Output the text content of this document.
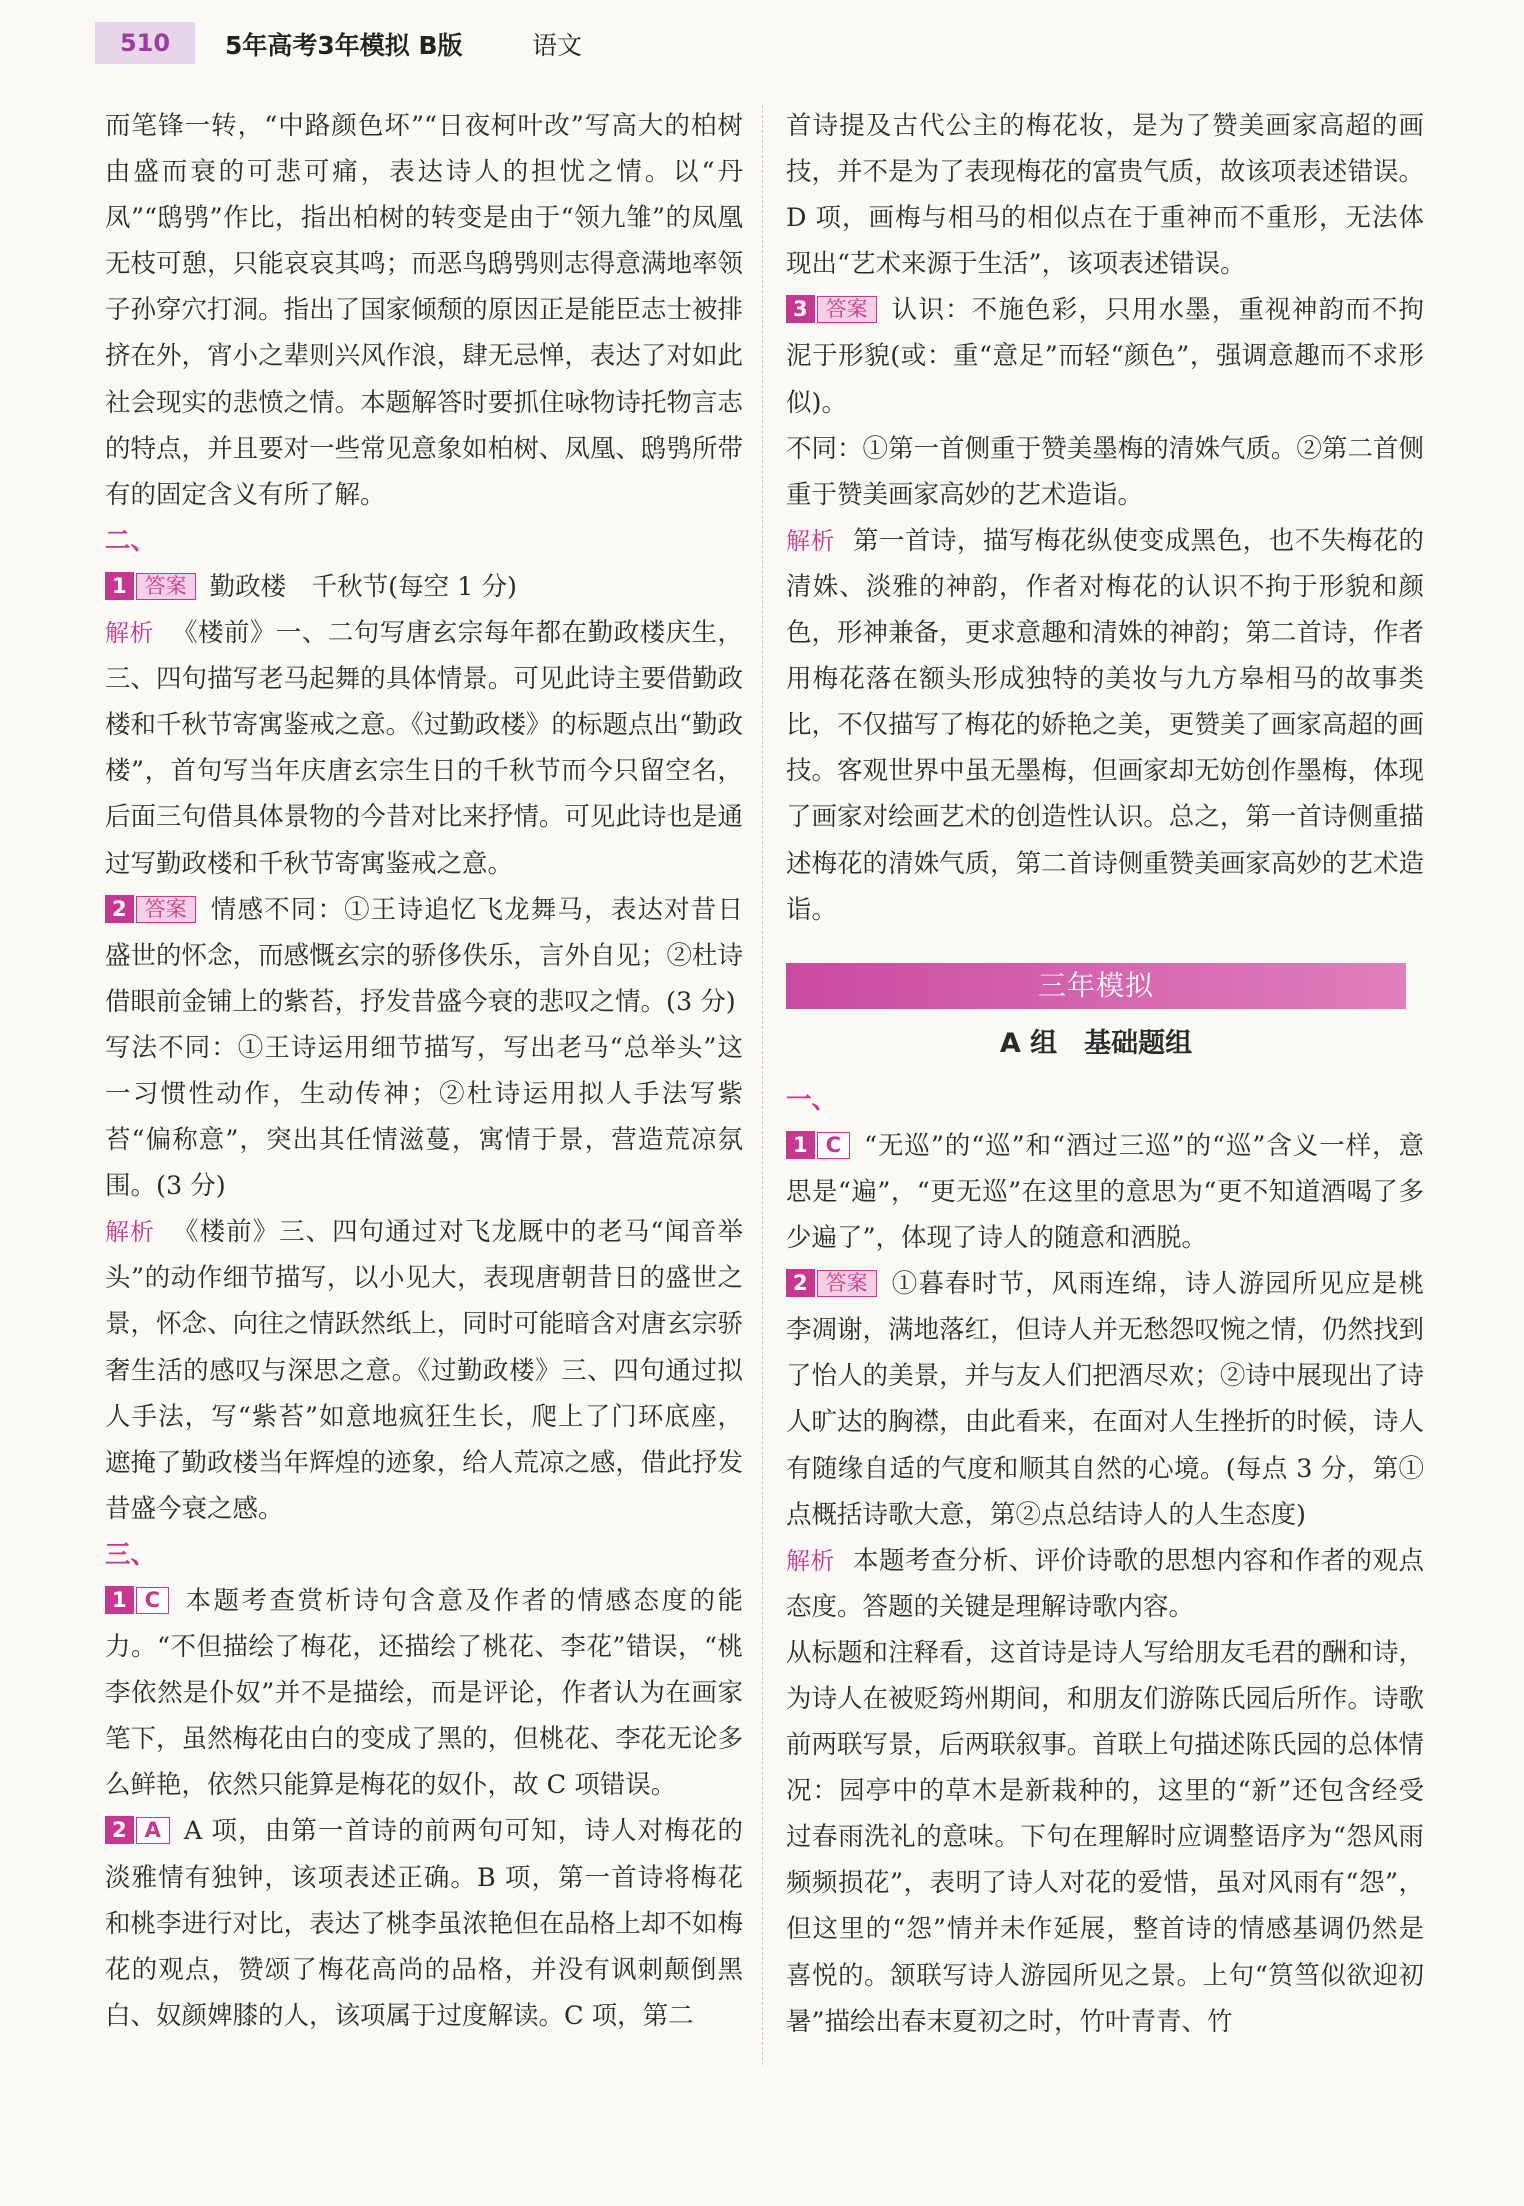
510	5年高考3年模拟 B版	语文

而笔锋一转，“中路颜色坏”“日夜柯叶改”写高大的柏树由盛而衰的可悲可痛，表达诗人的担忧之情。以“丹凤”“鸱鸮”作比，指出柏树的转变是由于“领九雏”的凤凰无枝可憩，只能哀哀其鸣；而恶鸟鸱鸮则志得意满地率领子孙穿穴打洞。指出了国家倾颓的原因正是能臣志士被排挤在外，宵小之辈则兴风作浪，肆无忌惮，表达了对如此社会现实的悲愤之情。本题解答时要抓住咏物诗托物言志的特点，并且要对一些常见意象如柏树、凤凰、鸱鸮所带有的固定含义有所了解。

二、

1 答案 勤政楼　千秋节(每空 1 分)

解析 《楼前》一、二句写唐玄宗每年都在勤政楼庆生，三、四句描写老马起舞的具体情景。可见此诗主要借勤政楼和千秋节寄寓鉴戒之意。《过勤政楼》的标题点出“勤政楼”，首句写当年庆唐玄宗生日的千秋节而今只留空名，后面三句借具体景物的今昔对比来抒情。可见此诗也是通过写勤政楼和千秋节寄寓鉴戒之意。

2 答案 情感不同：①王诗追忆飞龙舞马，表达对昔日盛世的怀念，而感慨玄宗的骄侈佚乐，言外自见；②杜诗借眼前金铺上的紫苔，抒发昔盛今衰的悲叹之情。(3 分)

写法不同：①王诗运用细节描写，写出老马“总举头”这一习惯性动作，生动传神；②杜诗运用拟人手法写紫苔“偏称意”，突出其任情滋蔓，寓情于景，营造荒凉氛围。(3 分)

解析 《楼前》三、四句通过对飞龙厩中的老马“闻音举头”的动作细节描写，以小见大，表现唐朝昔日的盛世之景，怀念、向往之情跃然纸上，同时可能暗含对唐玄宗骄奢生活的感叹与深思之意。《过勤政楼》三、四句通过拟人手法，写“紫苔”如意地疯狂生长，爬上了门环底座，遮掩了勤政楼当年辉煌的迹象，给人荒凉之感，借此抒发昔盛今衰之感。

三、

1 C 本题考查赏析诗句含意及作者的情感态度的能力。“不但描绘了梅花，还描绘了桃花、李花”错误，“桃李依然是仆奴”并不是描绘，而是评论，作者认为在画家笔下，虽然梅花由白的变成了黑的，但桃花、李花无论多么鲜艳，依然只能算是梅花的奴仆，故 C 项错误。

2 A A 项，由第一首诗的前两句可知，诗人对梅花的淡雅情有独钟，该项表述正确。B 项，第一首诗将梅花和桃李进行对比，表达了桃李虽浓艳但在品格上却不如梅花的观点，赞颂了梅花高尚的品格，并没有讽刺颠倒黑白、奴颜婢膝的人，该项属于过度解读。C 项，第二

首诗提及古代公主的梅花妆，是为了赞美画家高超的画技，并不是为了表现梅花的富贵气质，故该项表述错误。D 项，画梅与相马的相似点在于重神而不重形，无法体现出“艺术来源于生活”，该项表述错误。

3 答案 认识：不施色彩，只用水墨，重视神韵而不拘泥于形貌(或：重“意足”而轻“颜色”，强调意趣而不求形似)。

不同：①第一首侧重于赞美墨梅的清姝气质。②第二首侧重于赞美画家高妙的艺术造诣。

解析 第一首诗，描写梅花纵使变成黑色，也不失梅花的清姝、淡雅的神韵，作者对梅花的认识不拘于形貌和颜色，形神兼备，更求意趣和清姝的神韵；第二首诗，作者用梅花落在额头形成独特的美妆与九方皋相马的故事类比，不仅描写了梅花的娇艳之美，更赞美了画家高超的画技。客观世界中虽无墨梅，但画家却无妨创作墨梅，体现了画家对绘画艺术的创造性认识。总之，第一首诗侧重描述梅花的清姝气质，第二首诗侧重赞美画家高妙的艺术造诣。

三年模拟
A 组　基础题组

一、

1 C “无巡”的“巡”和“酒过三巡”的“巡”含义一样，意思是“遍”，“更无巡”在这里的意思为“更不知道酒喝了多少遍了”，体现了诗人的随意和洒脱。

2 答案 ①暮春时节，风雨连绵，诗人游园所见应是桃李凋谢，满地落红，但诗人并无愁怨叹惋之情，仍然找到了怡人的美景，并与友人们把酒尽欢；②诗中展现出了诗人旷达的胸襟，由此看来，在面对人生挫折的时候，诗人有随缘自适的气度和顺其自然的心境。(每点 3 分，第①点概括诗歌大意，第②点总结诗人的人生态度)

解析 本题考查分析、评价诗歌的思想内容和作者的观点态度。答题的关键是理解诗歌内容。

从标题和注释看，这首诗是诗人写给朋友毛君的酬和诗，为诗人在被贬筠州期间，和朋友们游陈氏园后所作。诗歌前两联写景，后两联叙事。首联上句描述陈氏园的总体情况：园亭中的草木是新栽种的，这里的“新”还包含经受过春雨洗礼的意味。下句在理解时应调整语序为“怨风雨频频损花”，表明了诗人对花的爱惜，虽对风雨有“怨”，但这里的“怨”情并未作延展，整首诗的情感基调仍然是喜悦的。颔联写诗人游园所见之景。上句“筼筜似欲迎初暑”描绘出春末夏初之时，竹叶青青、竹
